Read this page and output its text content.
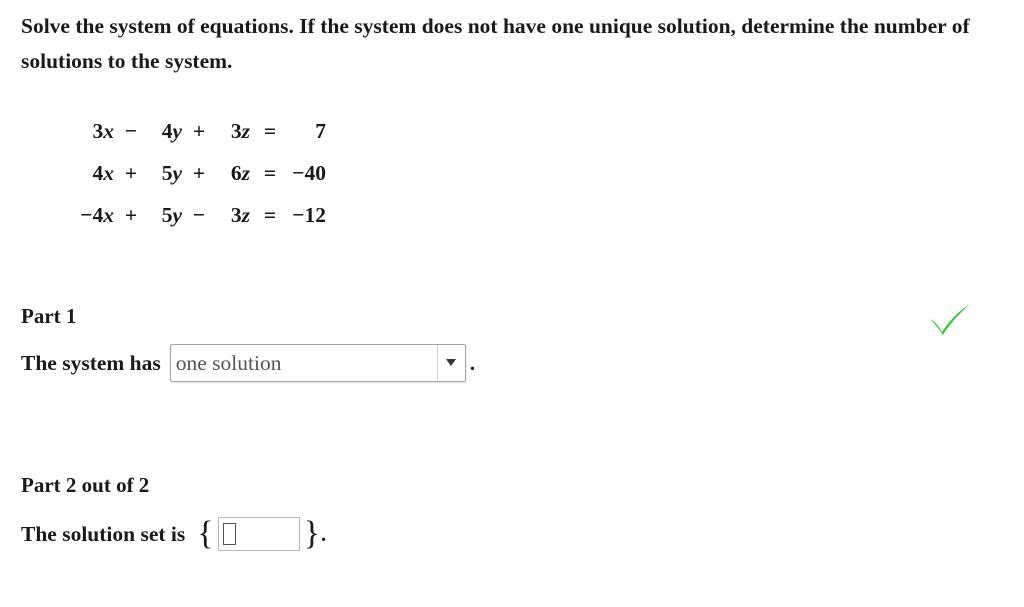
Solve the system of equations. If the system does not have one unique solution, determine the number of solutions to the system.
3x	−	4y	+	3z	=	7
4x	+	5y	+	6z	=	−40
−4x	+	5y	−	3z	=	−12
Part 1
The system has one solution	.
Part 2 out of 2
The solution set is {	} .
